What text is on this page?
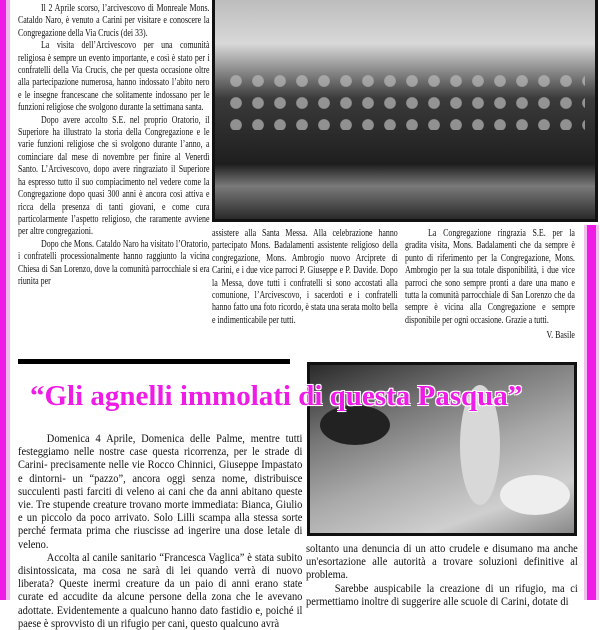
Il 2 Aprile scorso, l’arcivescovo di Monreale Mons. Cataldo Naro, è venuto a Carini per visitare e conoscere la Congregazione della Via Crucis (dei 33).

La visita dell’Arcivescovo per una comunità religiosa è sempre un evento importante, e così è stato per i confratelli della Via Crucis, che per questa occasione oltre alla partecipazione numerosa, hanno indossato l’abito nero e le insegne francescane che solitamente indossano per le funzioni religiose che svolgono durante la settimana santa.

Dopo avere accolto S.E. nel proprio Oratorio, il Superiore ha illustrato la storia della Congregazione e le varie funzioni religiose che si svolgono durante l’anno, a cominciare dal mese di novembre per finire al Venerdì Santo. L’Arcivescovo, dopo avere ringraziato il Superiore ha espresso tutto il suo compiacimento nel vedere come la Congregazione dopo quasi 300 anni è ancora così attiva e ricca della presenza di tanti giovani, e come cura particolarmente l’aspetto religioso, che raramente avviene per altre congregazioni.

Dopo che Mons. Cataldo Naro ha visitato l’Oratorio, i confratelli processionalmente hanno raggiunto la vicina Chiesa di San Lorenzo, dove la comunità parrocchiale si era riunita per

assistere alla Santa Messa. Alla celebrazione hanno partecipato Mons. Badalamenti assistente religioso della congregazione, Mons. Ambrogio nuovo Arciprete di Carini, e i due vice parroci P. Giuseppe e P. Davide. Dopo la Messa, dove tutti i confratelli si sono accostati alla comunione, l’Arcivescovo, i sacerdoti e i confratelli hanno fatto una foto ricordo, è stata una serata molto bella e indimenticabile per tutti.

La Congregazione ringrazia S.E. per la gradita visita, Mons. Badalamenti che da sempre è punto di riferimento per la Congregazione, Mons. Ambrogio per la sua totale disponibilità, i due vice parroci che sono sempre pronti a dare una mano e tutta la comunità parrocchiale di San Lorenzo che da sempre è vicina alla Congregazione e sempre disponibile per ogni occasione. Grazie a tutti.

V. Basile

“Gli agnelli immolati di questa Pasqua”

Domenica 4 Aprile, Domenica delle Palme, mentre tutti festeggiamo nelle nostre case questa ricorrenza, per le strade di Carini- precisamente nelle vie Rocco Chinnici, Giuseppe Impastato e dintorni- un “pazzo”, ancora oggi senza nome, distribuisce succulenti pasti farciti di veleno ai cani che da anni abitano queste vie. Tre stupende creature trovano morte immediata: Bianca, Giulio e un piccolo da poco arrivato. Solo Lilli scampa alla stessa sorte perché fermata prima che riuscisse ad ingerire una dose letale di veleno.

Accolta al canile sanitario “Francesca Vaglica” è stata subito disintossicata, ma cosa ne sarà di lei quando verrà di nuovo liberata? Queste inermi creature da un paio di anni erano state curate ed accudite da alcune persone della zona che le avevano adottate. Evidentemente a qualcuno hanno dato fastidio e, poiché il paese è sprovvisto di un rifugio per cani, questo qualcuno avrà

soltanto una denuncia di un atto crudele e disumano ma anche un'esortazione alle autorità a trovare soluzioni definitive al problema.

Sarebbe auspicabile la creazione di un rifugio, ma ci permettiamo inoltre di suggerire alle scuole di Carini, dotate di
